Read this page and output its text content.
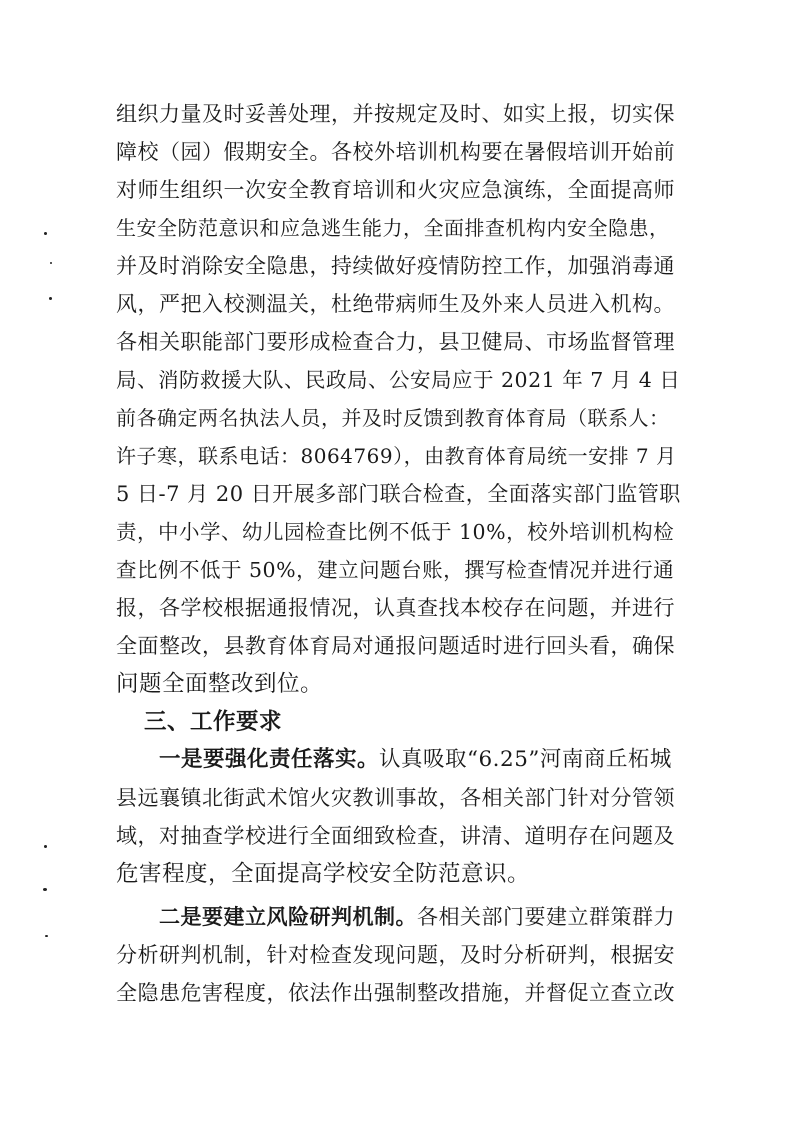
组织力量及时妥善处理，并按规定及时、如实上报，切实保
障校（园）假期安全。各校外培训机构要在暑假培训开始前
对师生组织一次安全教育培训和火灾应急演练，全面提高师
生安全防范意识和应急逃生能力，全面排查机构内安全隐患，
并及时消除安全隐患，持续做好疫情防控工作，加强消毒通
风，严把入校测温关，杜绝带病师生及外来人员进入机构。
各相关职能部门要形成检查合力，县卫健局、市场监督管理
局、消防救援大队、民政局、公安局应于 2021 年 7 月 4 日
前各确定两名执法人员，并及时反馈到教育体育局（联系人：
许子寒，联系电话：8064769），由教育体育局统一安排 7 月
5 日-7 月 20 日开展多部门联合检查，全面落实部门监管职
责，中小学、幼儿园检查比例不低于 10%，校外培训机构检
查比例不低于 50%，建立问题台账，撰写检查情况并进行通
报，各学校根据通报情况，认真查找本校存在问题，并进行
全面整改，县教育体育局对通报问题适时进行回头看，确保
问题全面整改到位。
三、工作要求
一是要强化责任落实。认真吸取“6.25”河南商丘柘城
县远襄镇北街武术馆火灾教训事故，各相关部门针对分管领
域，对抽查学校进行全面细致检查，讲清、道明存在问题及
危害程度，全面提高学校安全防范意识。
二是要建立风险研判机制。各相关部门要建立群策群力
分析研判机制，针对检查发现问题，及时分析研判，根据安
全隐患危害程度，依法作出强制整改措施，并督促立查立改
